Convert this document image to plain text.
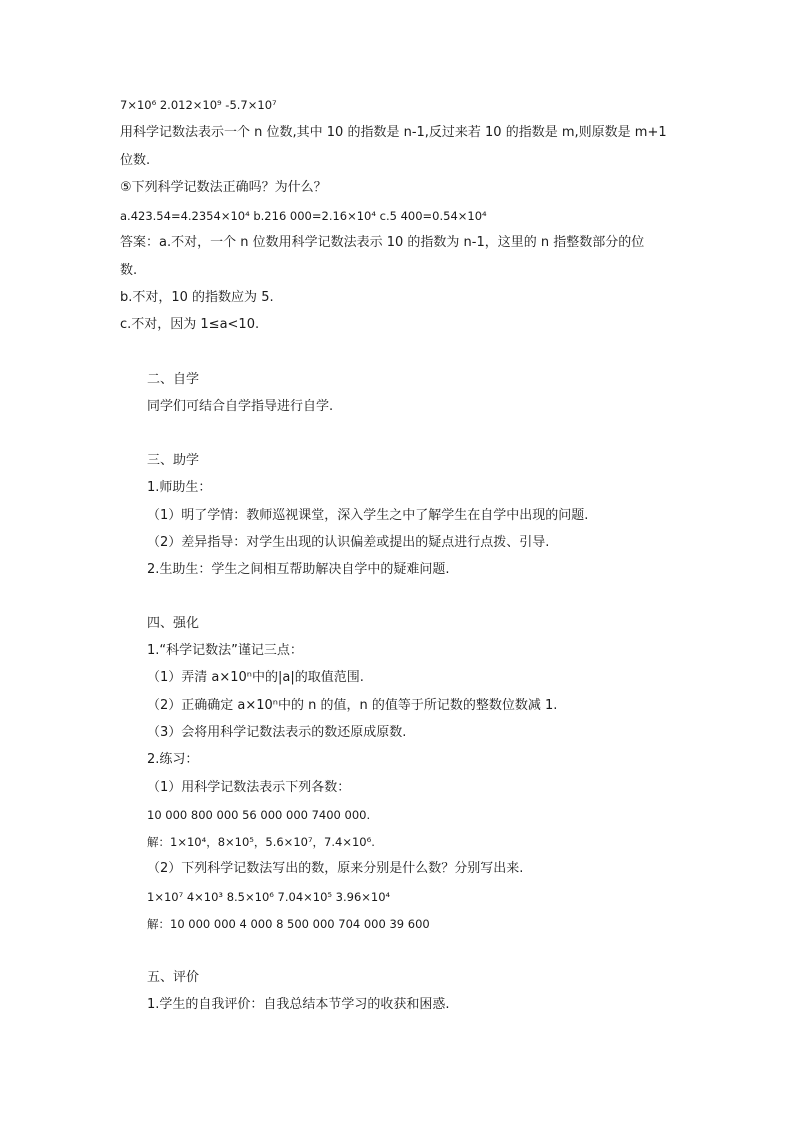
7×10⁶ 2.012×10⁹ -5.7×10⁷
用科学记数法表示一个 n 位数,其中 10 的指数是 n-1,反过来若 10 的指数是 m,则原数是 m+1
位数.
⑤下列科学记数法正确吗？为什么？
a.423.54=4.2354×10⁴ b.216 000=2.16×10⁴ c.5 400=0.54×10⁴
答案：a.不对，一个 n 位数用科学记数法表示 10 的指数为 n-1，这里的 n 指整数部分的位
数.
b.不对，10 的指数应为 5.
c.不对，因为 1≤a<10.
二、自学
同学们可结合自学指导进行自学.
三、助学
1.师助生：
（1）明了学情：教师巡视课堂，深入学生之中了解学生在自学中出现的问题.
（2）差异指导：对学生出现的认识偏差或提出的疑点进行点拨、引导.
2.生助生：学生之间相互帮助解决自学中的疑难问题.
四、强化
1.“科学记数法”谨记三点：
（1）弄清 a×10ⁿ中的|a|的取值范围.
（2）正确确定 a×10ⁿ中的 n 的值，n 的值等于所记数的整数位数减 1.
（3）会将用科学记数法表示的数还原成原数.
2.练习：
（1）用科学记数法表示下列各数：
10 000 800 000 56 000 000 7400 000.
解：1×10⁴，8×10⁵，5.6×10⁷，7.4×10⁶.
（2）下列科学记数法写出的数，原来分别是什么数？分别写出来.
1×10⁷ 4×10³ 8.5×10⁶ 7.04×10⁵ 3.96×10⁴
解：10 000 000 4 000 8 500 000 704 000 39 600
五、评价
1.学生的自我评价：自我总结本节学习的收获和困惑.
